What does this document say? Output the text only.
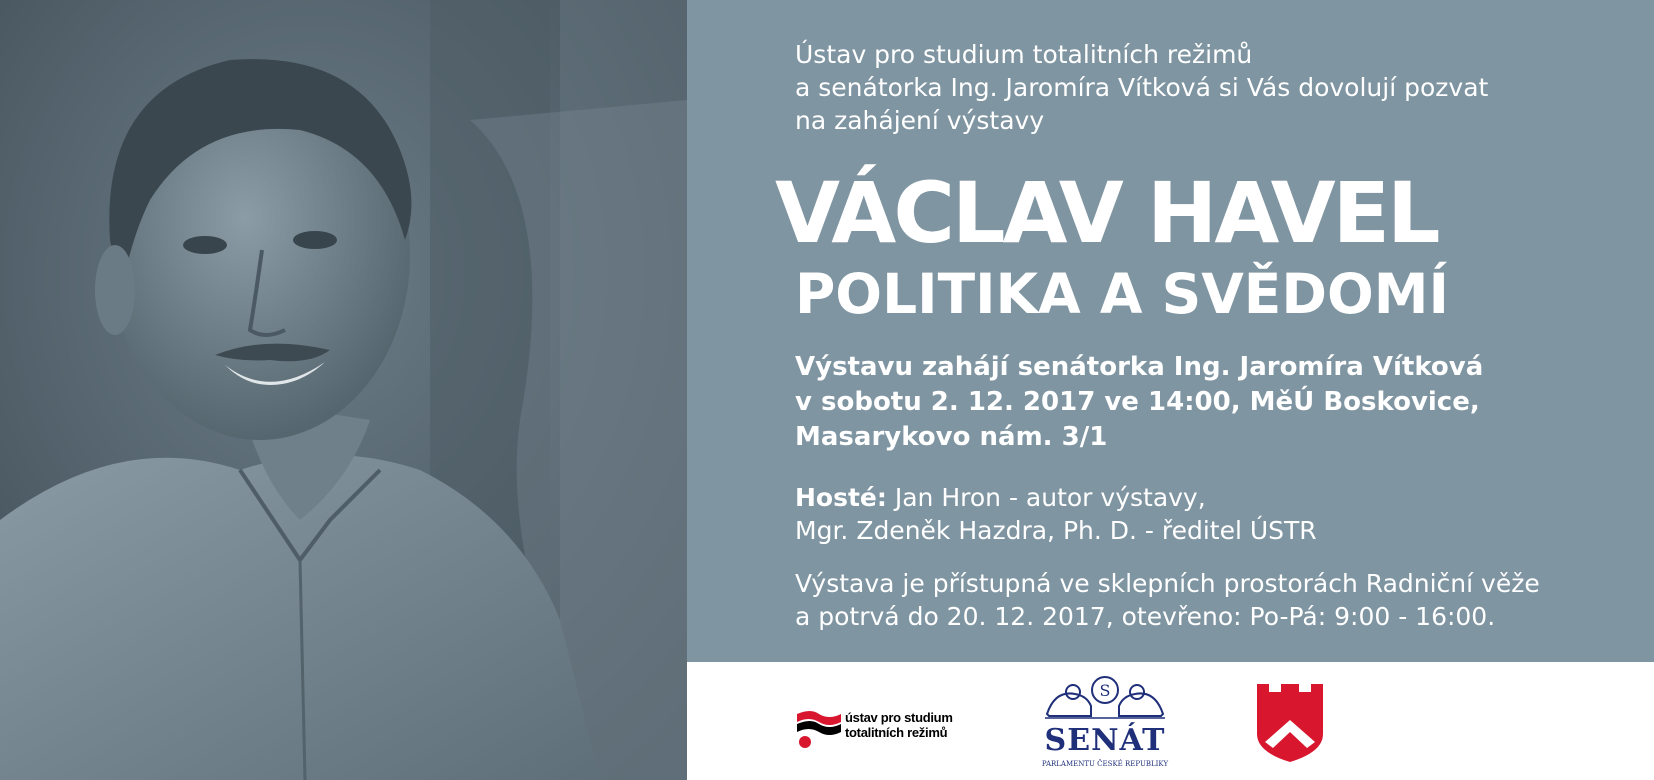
Ústav pro studium totalitních režimů
a senátorka Ing. Jaromíra Vítková si Vás dovolují pozvat
na zahájení výstavy
VÁCLAV HAVEL
POLITIKA A SVĚDOMÍ
Výstavu zahájí senátorka Ing. Jaromíra Vítková
v sobotu 2. 12. 2017 ve 14:00, MěÚ Boskovice,
Masarykovo nám. 3/1
Hosté: Jan Hron - autor výstavy,
Mgr. Zdeněk Hazdra, Ph. D. - ředitel ÚSTR
Výstava je přístupná ve sklepních prostorách Radniční věže
a potrvá do 20. 12. 2017, otevřeno: Po-Pá: 9:00 - 16:00.
ústav pro studium
totalitních režimů
S
SENÁT
PARLAMENTU ČESKÉ REPUBLIKY
